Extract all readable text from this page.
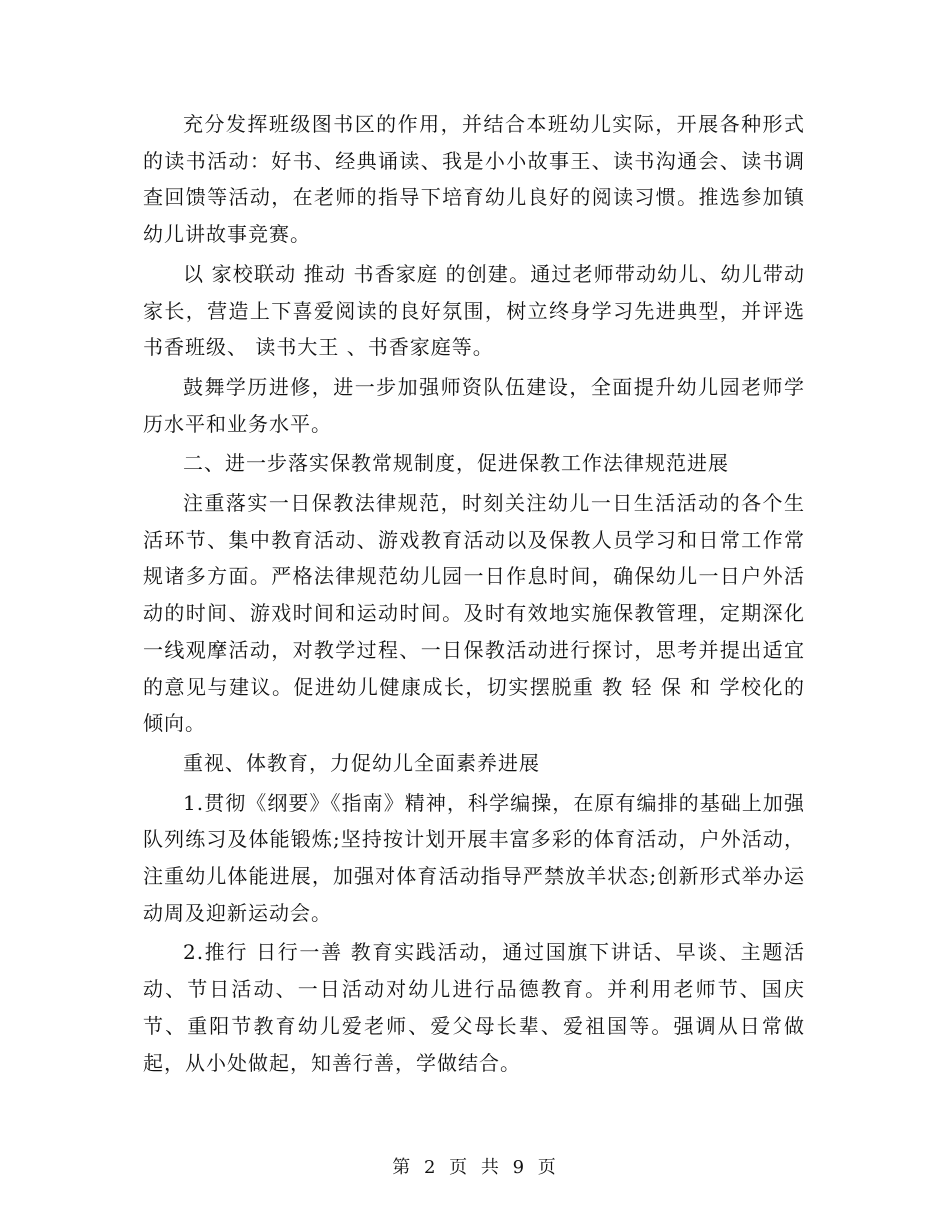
充分发挥班级图书区的作用，并结合本班幼儿实际，开展各种形式的读书活动：好书、经典诵读、我是小小故事王、读书沟通会、读书调查回馈等活动，在老师的指导下培育幼儿良好的阅读习惯。推选参加镇幼儿讲故事竞赛。

以 家校联动 推动 书香家庭 的创建。通过老师带动幼儿、幼儿带动家长，营造上下喜爱阅读的良好氛围，树立终身学习先进典型，并评选书香班级、 读书大王 、书香家庭等。

鼓舞学历进修，进一步加强师资队伍建设，全面提升幼儿园老师学历水平和业务水平。

二、进一步落实保教常规制度，促进保教工作法律规范进展

注重落实一日保教法律规范，时刻关注幼儿一日生活活动的各个生活环节、集中教育活动、游戏教育活动以及保教人员学习和日常工作常规诸多方面。严格法律规范幼儿园一日作息时间，确保幼儿一日户外活动的时间、游戏时间和运动时间。及时有效地实施保教管理，定期深化一线观摩活动，对教学过程、一日保教活动进行探讨，思考并提出适宜的意见与建议。促进幼儿健康成长，切实摆脱重 教 轻 保 和 学校化的倾向。

重视、体教育，力促幼儿全面素养进展

1.贯彻《纲要》《指南》精神，科学编操，在原有编排的基础上加强队列练习及体能锻炼;坚持按计划开展丰富多彩的体育活动，户外活动，注重幼儿体能进展，加强对体育活动指导严禁放羊状态;创新形式举办运动周及迎新运动会。

2.推行 日行一善 教育实践活动，通过国旗下讲话、早谈、主题活动、节日活动、一日活动对幼儿进行品德教育。并利用老师节、国庆节、重阳节教育幼儿爱老师、爱父母长辈、爱祖国等。强调从日常做起，从小处做起，知善行善，学做结合。

第 2 页 共 9 页
